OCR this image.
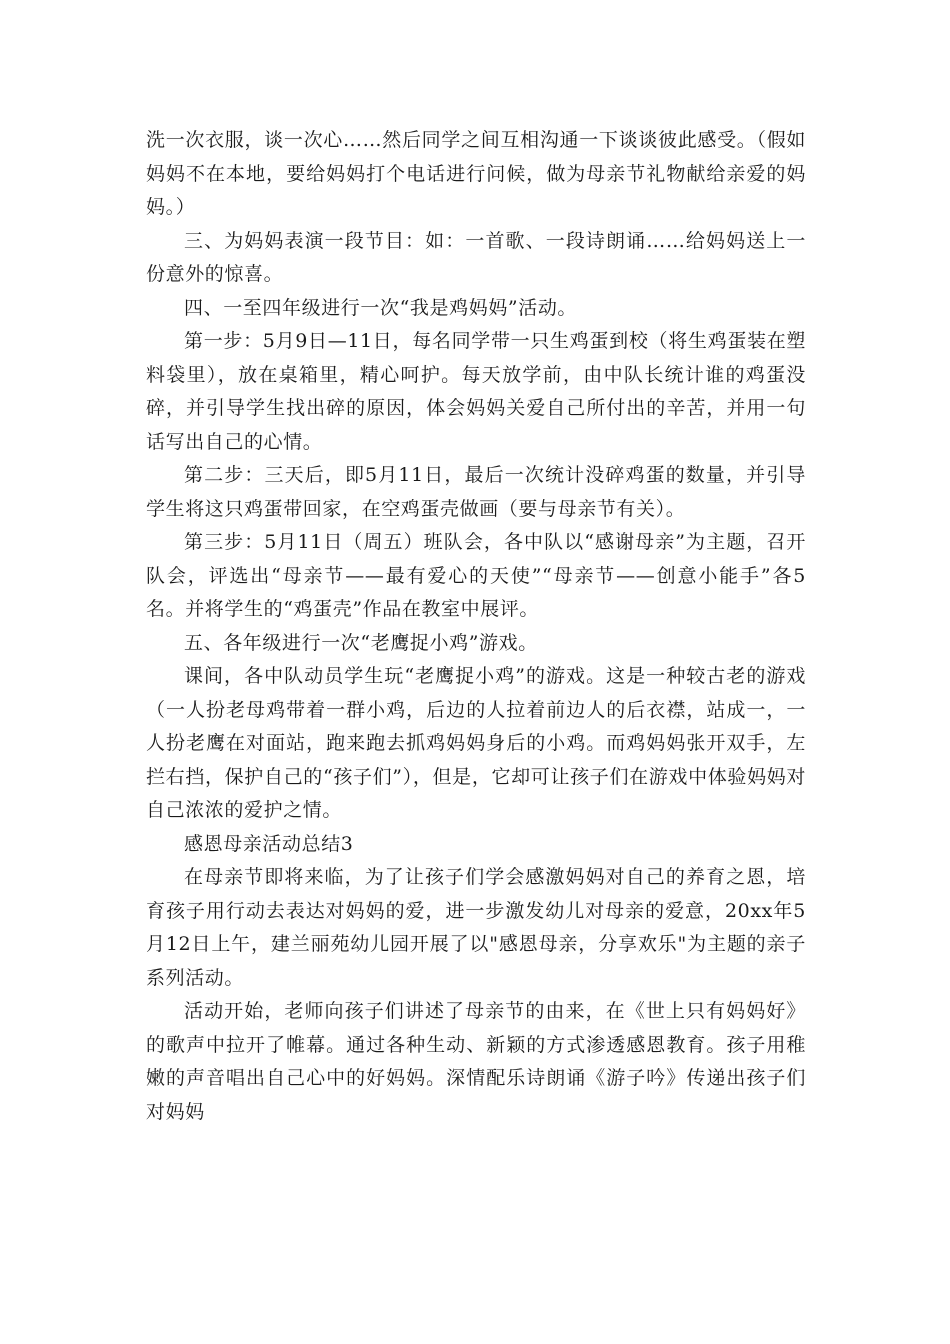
洗一次衣服，谈一次心……然后同学之间互相沟通一下谈谈彼此感受。（假如妈妈不在本地，要给妈妈打个电话进行问候，做为母亲节礼物献给亲爱的妈妈。）

三、为妈妈表演一段节目：如：一首歌、一段诗朗诵……给妈妈送上一份意外的惊喜。

四、一至四年级进行一次“我是鸡妈妈”活动。

第一步：5月9日—11日，每名同学带一只生鸡蛋到校（将生鸡蛋装在塑料袋里），放在桌箱里，精心呵护。每天放学前，由中队长统计谁的鸡蛋没碎，并引导学生找出碎的原因，体会妈妈关爱自己所付出的辛苦，并用一句话写出自己的心情。

第二步：三天后，即5月11日，最后一次统计没碎鸡蛋的数量，并引导学生将这只鸡蛋带回家，在空鸡蛋壳做画（要与母亲节有关）。

第三步：5月11日（周五）班队会，各中队以“感谢母亲”为主题，召开队会，评选出“母亲节——最有爱心的天使”“母亲节——创意小能手”各5名。并将学生的“鸡蛋壳”作品在教室中展评。

五、各年级进行一次“老鹰捉小鸡”游戏。

课间，各中队动员学生玩“老鹰捉小鸡”的游戏。这是一种较古老的游戏（一人扮老母鸡带着一群小鸡，后边的人拉着前边人的后衣襟，站成一，一人扮老鹰在对面站，跑来跑去抓鸡妈妈身后的小鸡。而鸡妈妈张开双手，左拦右挡，保护自己的“孩子们”），但是，它却可让孩子们在游戏中体验妈妈对自己浓浓的爱护之情。

感恩母亲活动总结3

在母亲节即将来临，为了让孩子们学会感激妈妈对自己的养育之恩，培育孩子用行动去表达对妈妈的爱，进一步激发幼儿对母亲的爱意，20xx年5月12日上午，建兰丽苑幼儿园开展了以"感恩母亲，分享欢乐"为主题的亲子系列活动。

活动开始，老师向孩子们讲述了母亲节的由来，在《世上只有妈妈好》的歌声中拉开了帷幕。通过各种生动、新颖的方式渗透感恩教育。孩子用稚嫩的声音唱出自己心中的好妈妈。深情配乐诗朗诵《游子吟》传递出孩子们对妈妈
